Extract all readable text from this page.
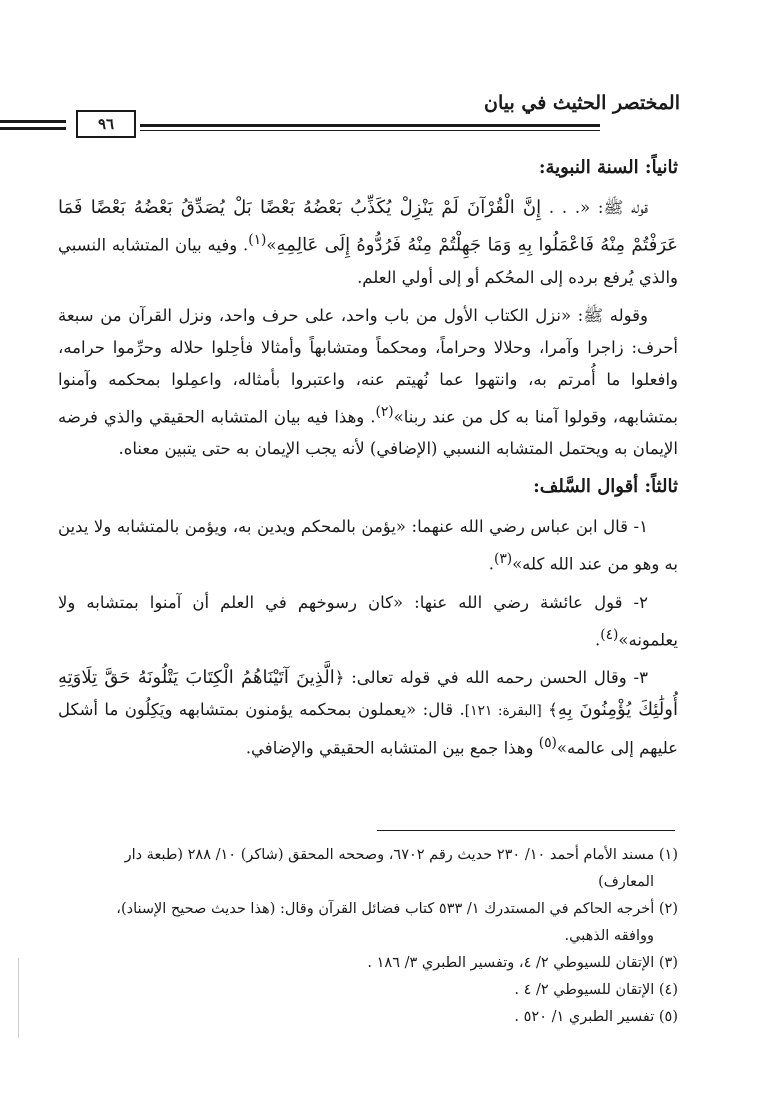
المختصر الحثيث في بيان
٩٦
ثانياً: السنة النبوية:

قوله ﷺ: «. . . إِنَّ الْقُرْآنَ لَمْ يَنْزِلْ يُكَذِّبُ بَعْضُهُ بَعْضًا بَلْ يُصَدِّقُ بَعْضُهُ بَعْضًا فَمَا عَرَفْتُمْ مِنْهُ فَاعْمَلُوا بِهِ وَمَا جَهِلْتُمْ مِنْهُ فَرُدُّوهُ إِلَى عَالِمِهِ»$^{(١)}$. وفيه بيان المتشابه النسبي والذي يُرفع برده إلى المحُكم أو إلى أولي العلم.

وقوله ﷺ: «نزل الكتاب الأول من باب واحد، على حرف واحد، ونزل القرآن من سبعة أحرف: زاجرا وآمرا، وحلالا وحراماً، ومحكماً ومتشابهاً وأمثالا فأحِلوا حلاله وحرِّموا حرامه، وافعلوا ما أُمرتم به، وانتهوا عما نُهيتم عنه، واعتبروا بأمثاله، واعمِلوا بمحكمه وآمنوا بمتشابهه، وقولوا آمنا به كل من عند ربنا»$^{(٢)}$. وهذا فيه بيان المتشابه الحقيقي والذي فرضه الإيمان به ويحتمل المتشابه النسبي (الإضافي) لأنه يجب الإيمان به حتى يتبين معناه.

ثالثاً: أقوال السَّلف:

١- قال ابن عباس رضي الله عنهما: «يؤمن بالمحكم ويدين به، ويؤمن بالمتشابه ولا يدين به وهو من عند الله كله»$^{(٣)}$.

٢- قول عائشة رضي الله عنها: «كان رسوخهم في العلم أن آمنوا بمتشابه ولا يعلمونه»$^{(٤)}$.

٣- وقال الحسن رحمه الله في قوله تعالى: ﴿الَّذِينَ آتَيْنَاهُمُ الْكِتَابَ يَتْلُونَهُ حَقَّ تِلَاوَتِهِ أُولَٰئِكَ يُؤْمِنُونَ بِهِ﴾ [البقرة: ١٢١]. قال: «يعملون بمحكمه يؤمنون بمتشابهه ويَكِلُون ما أشكل عليهم إلى عالمه»$^{(٥)}$ وهذا جمع بين المتشابه الحقيقي والإضافي.

(١) مسند الأمام أحمد ١٠/ ٢٣٠ حديث رقم ٦٧٠٢، وصححه المحقق (شاكر) ١٠/ ٢٨٨ (طبعة دار
المعارف)
(٢) أخرجه الحاكم في المستدرك ١/ ٥٣٣ كتاب فضائل القرآن وقال: (هذا حديث صحيح الإسناد)،
ووافقه الذهبي.
(٣) الإتقان للسيوطي ٢/ ٤، وتفسير الطبري ٣/ ١٨٦ .
(٤) الإتقان للسيوطي ٢/ ٤ .
(٥) تفسير الطبري ١/ ٥٢٠ .
